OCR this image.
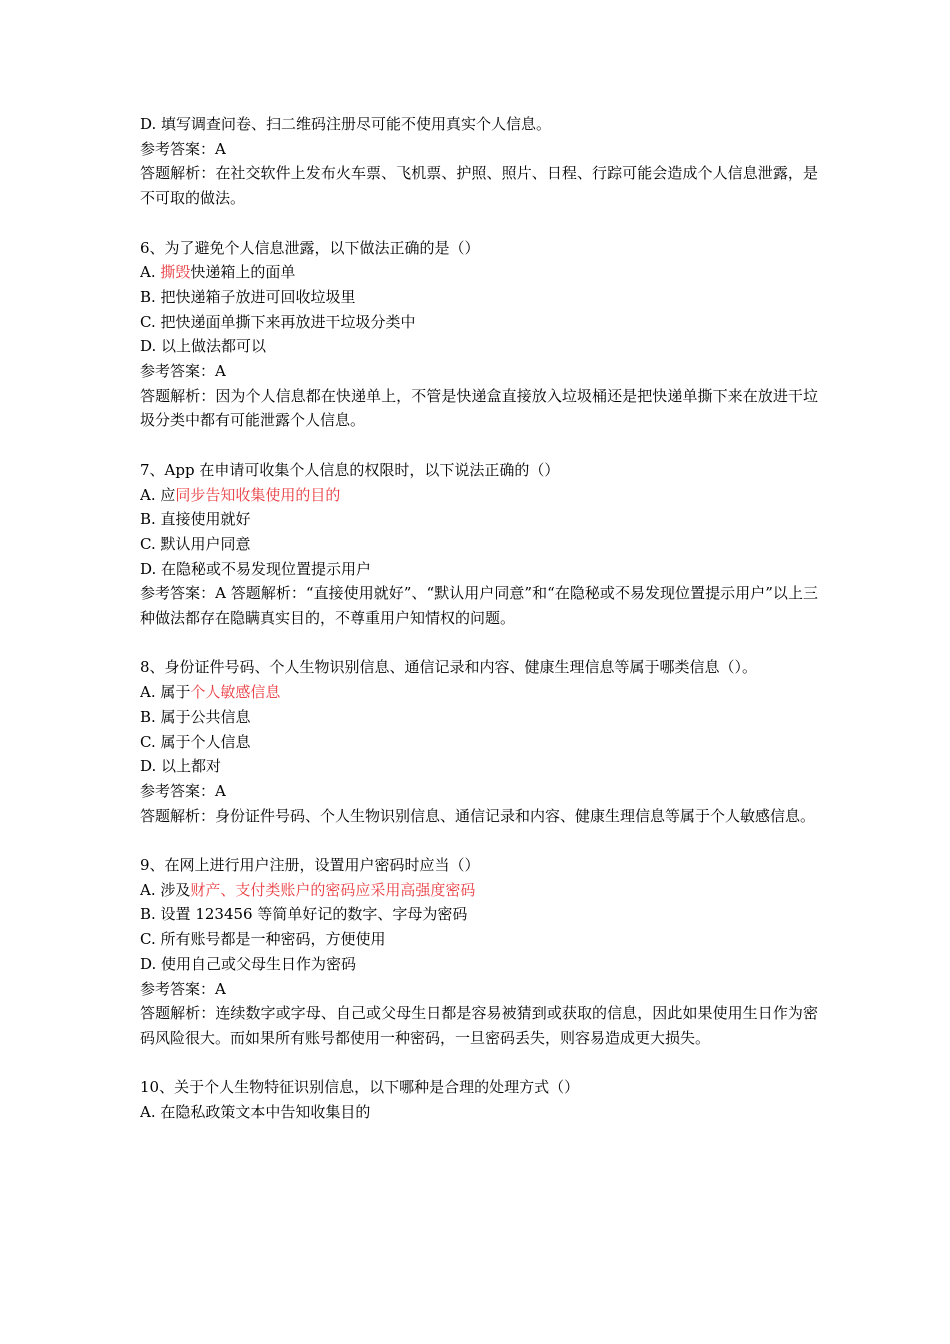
D. 填写调查问卷、扫二维码注册尽可能不使用真实个人信息。
参考答案：A
答题解析：在社交软件上发布火车票、飞机票、护照、照片、日程、行踪可能会造成个人信息泄露，是不可取的做法。
6、为了避免个人信息泄露，以下做法正确的是（）
A. 撕毁快递箱上的面单
B. 把快递箱子放进可回收垃圾里
C. 把快递面单撕下来再放进干垃圾分类中
D. 以上做法都可以
参考答案：A
答题解析：因为个人信息都在快递单上，不管是快递盒直接放入垃圾桶还是把快递单撕下来在放进干垃圾分类中都有可能泄露个人信息。
7、App 在申请可收集个人信息的权限时，以下说法正确的（）
A. 应同步告知收集使用的目的
B. 直接使用就好
C. 默认用户同意
D. 在隐秘或不易发现位置提示用户
参考答案：A 答题解析：“直接使用就好”、“默认用户同意”和“在隐秘或不易发现位置提示用户”以上三种做法都存在隐瞒真实目的，不尊重用户知情权的问题。
8、身份证件号码、个人生物识别信息、通信记录和内容、健康生理信息等属于哪类信息（）。
A. 属于个人敏感信息
B. 属于公共信息
C. 属于个人信息
D. 以上都对
参考答案：A
答题解析：身份证件号码、个人生物识别信息、通信记录和内容、健康生理信息等属于个人敏感信息。
9、在网上进行用户注册，设置用户密码时应当（）
A. 涉及财产、支付类账户的密码应采用高强度密码
B. 设置 123456 等简单好记的数字、字母为密码
C. 所有账号都是一种密码，方便使用
D. 使用自己或父母生日作为密码
参考答案：A
答题解析：连续数字或字母、自己或父母生日都是容易被猜到或获取的信息，因此如果使用生日作为密码风险很大。而如果所有账号都使用一种密码，一旦密码丢失，则容易造成更大损失。
10、关于个人生物特征识别信息，以下哪种是合理的处理方式（）
A. 在隐私政策文本中告知收集目的
